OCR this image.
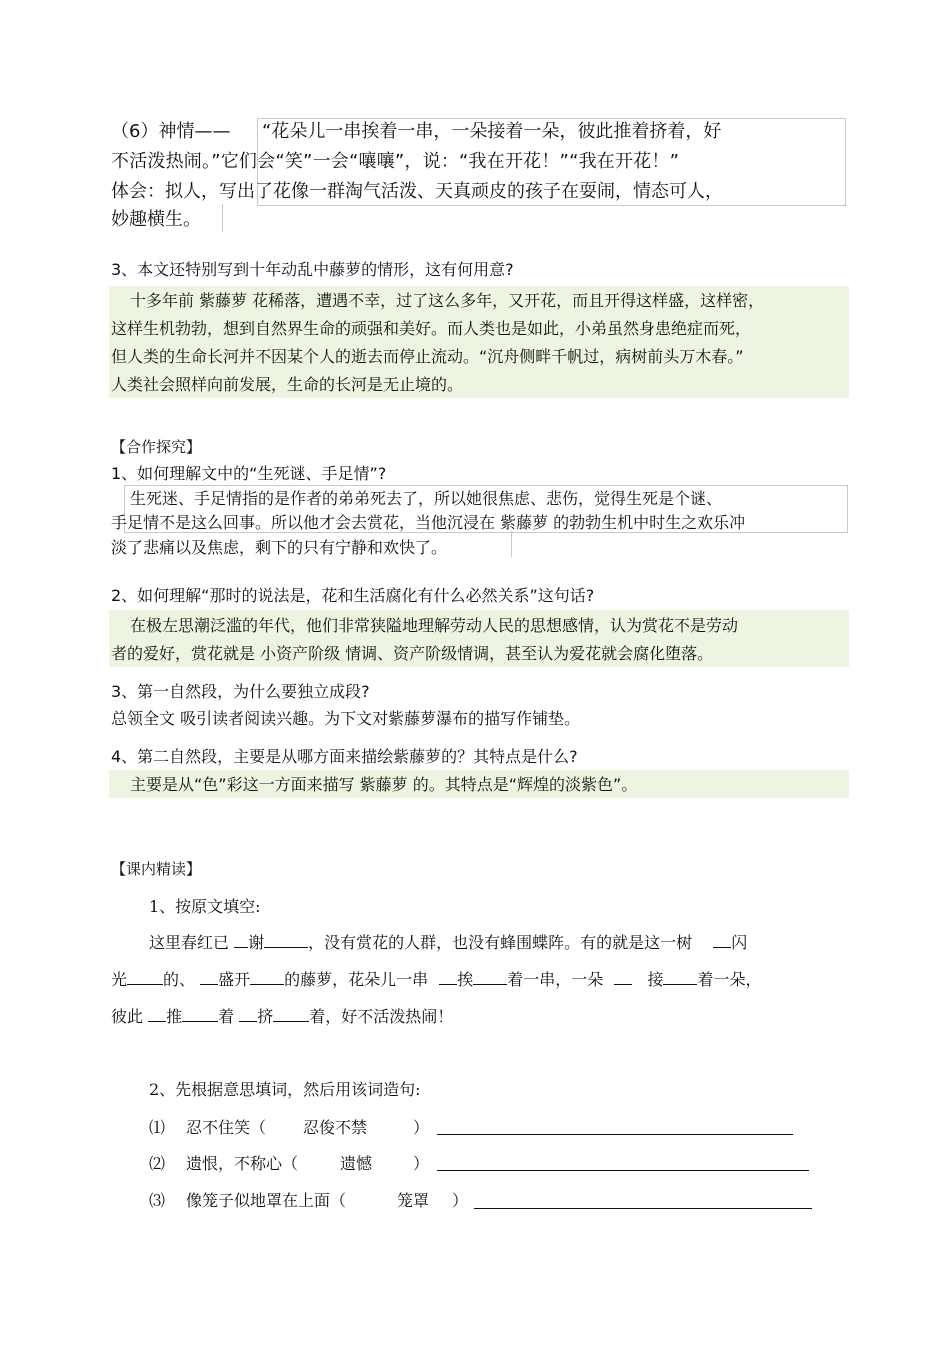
（6）神情—— “花朵儿一串挨着一串，一朵接着一朵，彼此推着挤着，好
不活泼热闹。”它们会“笑”一会“嚷嚷”，说：“我在开花！”“我在开花！”
体会：拟人，写出了花像一群淘气活泼、天真顽皮的孩子在耍闹，情态可人，
妙趣横生。
3、本文还特别写到十年动乱中藤萝的情形，这有何用意?
十多年前 紫藤萝 花稀落，遭遇不幸，过了这么多年，又开花，而且开得这样盛，这样密，
这样生机勃勃，想到自然界生命的顽强和美好。而人类也是如此，小弟虽然身患绝症而死，
但人类的生命长河并不因某个人的逝去而停止流动。“沉舟侧畔千帆过，病树前头万木春。”
人类社会照样向前发展，生命的长河是无止境的。
【合作探究】
1、如何理解文中的“生死谜、手足情”?
生死迷、手足情指的是作者的弟弟死去了，所以她很焦虑、悲伤，觉得生死是个谜、
手足情不是这么回事。所以他才会去赏花，当他沉浸在 紫藤萝 的勃勃生机中时生之欢乐冲
淡了悲痛以及焦虑，剩下的只有宁静和欢快了。
2、如何理解“那时的说法是，花和生活腐化有什么必然关系”这句话?
在极左思潮泛滥的年代，他们非常狭隘地理解劳动人民的思想感情，认为赏花不是劳动
者的爱好，赏花就是 小资产阶级 情调、资产阶级情调，甚至认为爱花就会腐化堕落。
3、第一自然段，为什么要独立成段?
总领全文 吸引读者阅读兴趣。为下文对紫藤萝瀑布的描写作铺垫。
4、第二自然段，主要是从哪方面来描绘紫藤萝的？其特点是什么?
主要是从“色”彩这一方面来描写 紫藤萝 的。其特点是“辉煌的淡紫色”。
【课内精读】
1、按原文填空:
这里春红已 谢	，没有赏花的人群，也没有蜂围蝶阵。有的就是这一树 闪
光 的、 盛开 的藤萝，花朵儿一串 挨 着一串，一朵	接 着一朵，
彼此 推 着 挤 着，好不活泼热闹！
2、先根据意思填词，然后用该词造句:
⑴ 忍不住笑（ 忍俊不禁	）
⑵ 遗恨，不称心（	遗憾	）
⑶ 像笼子似地罩在上面（	笼罩 ）
